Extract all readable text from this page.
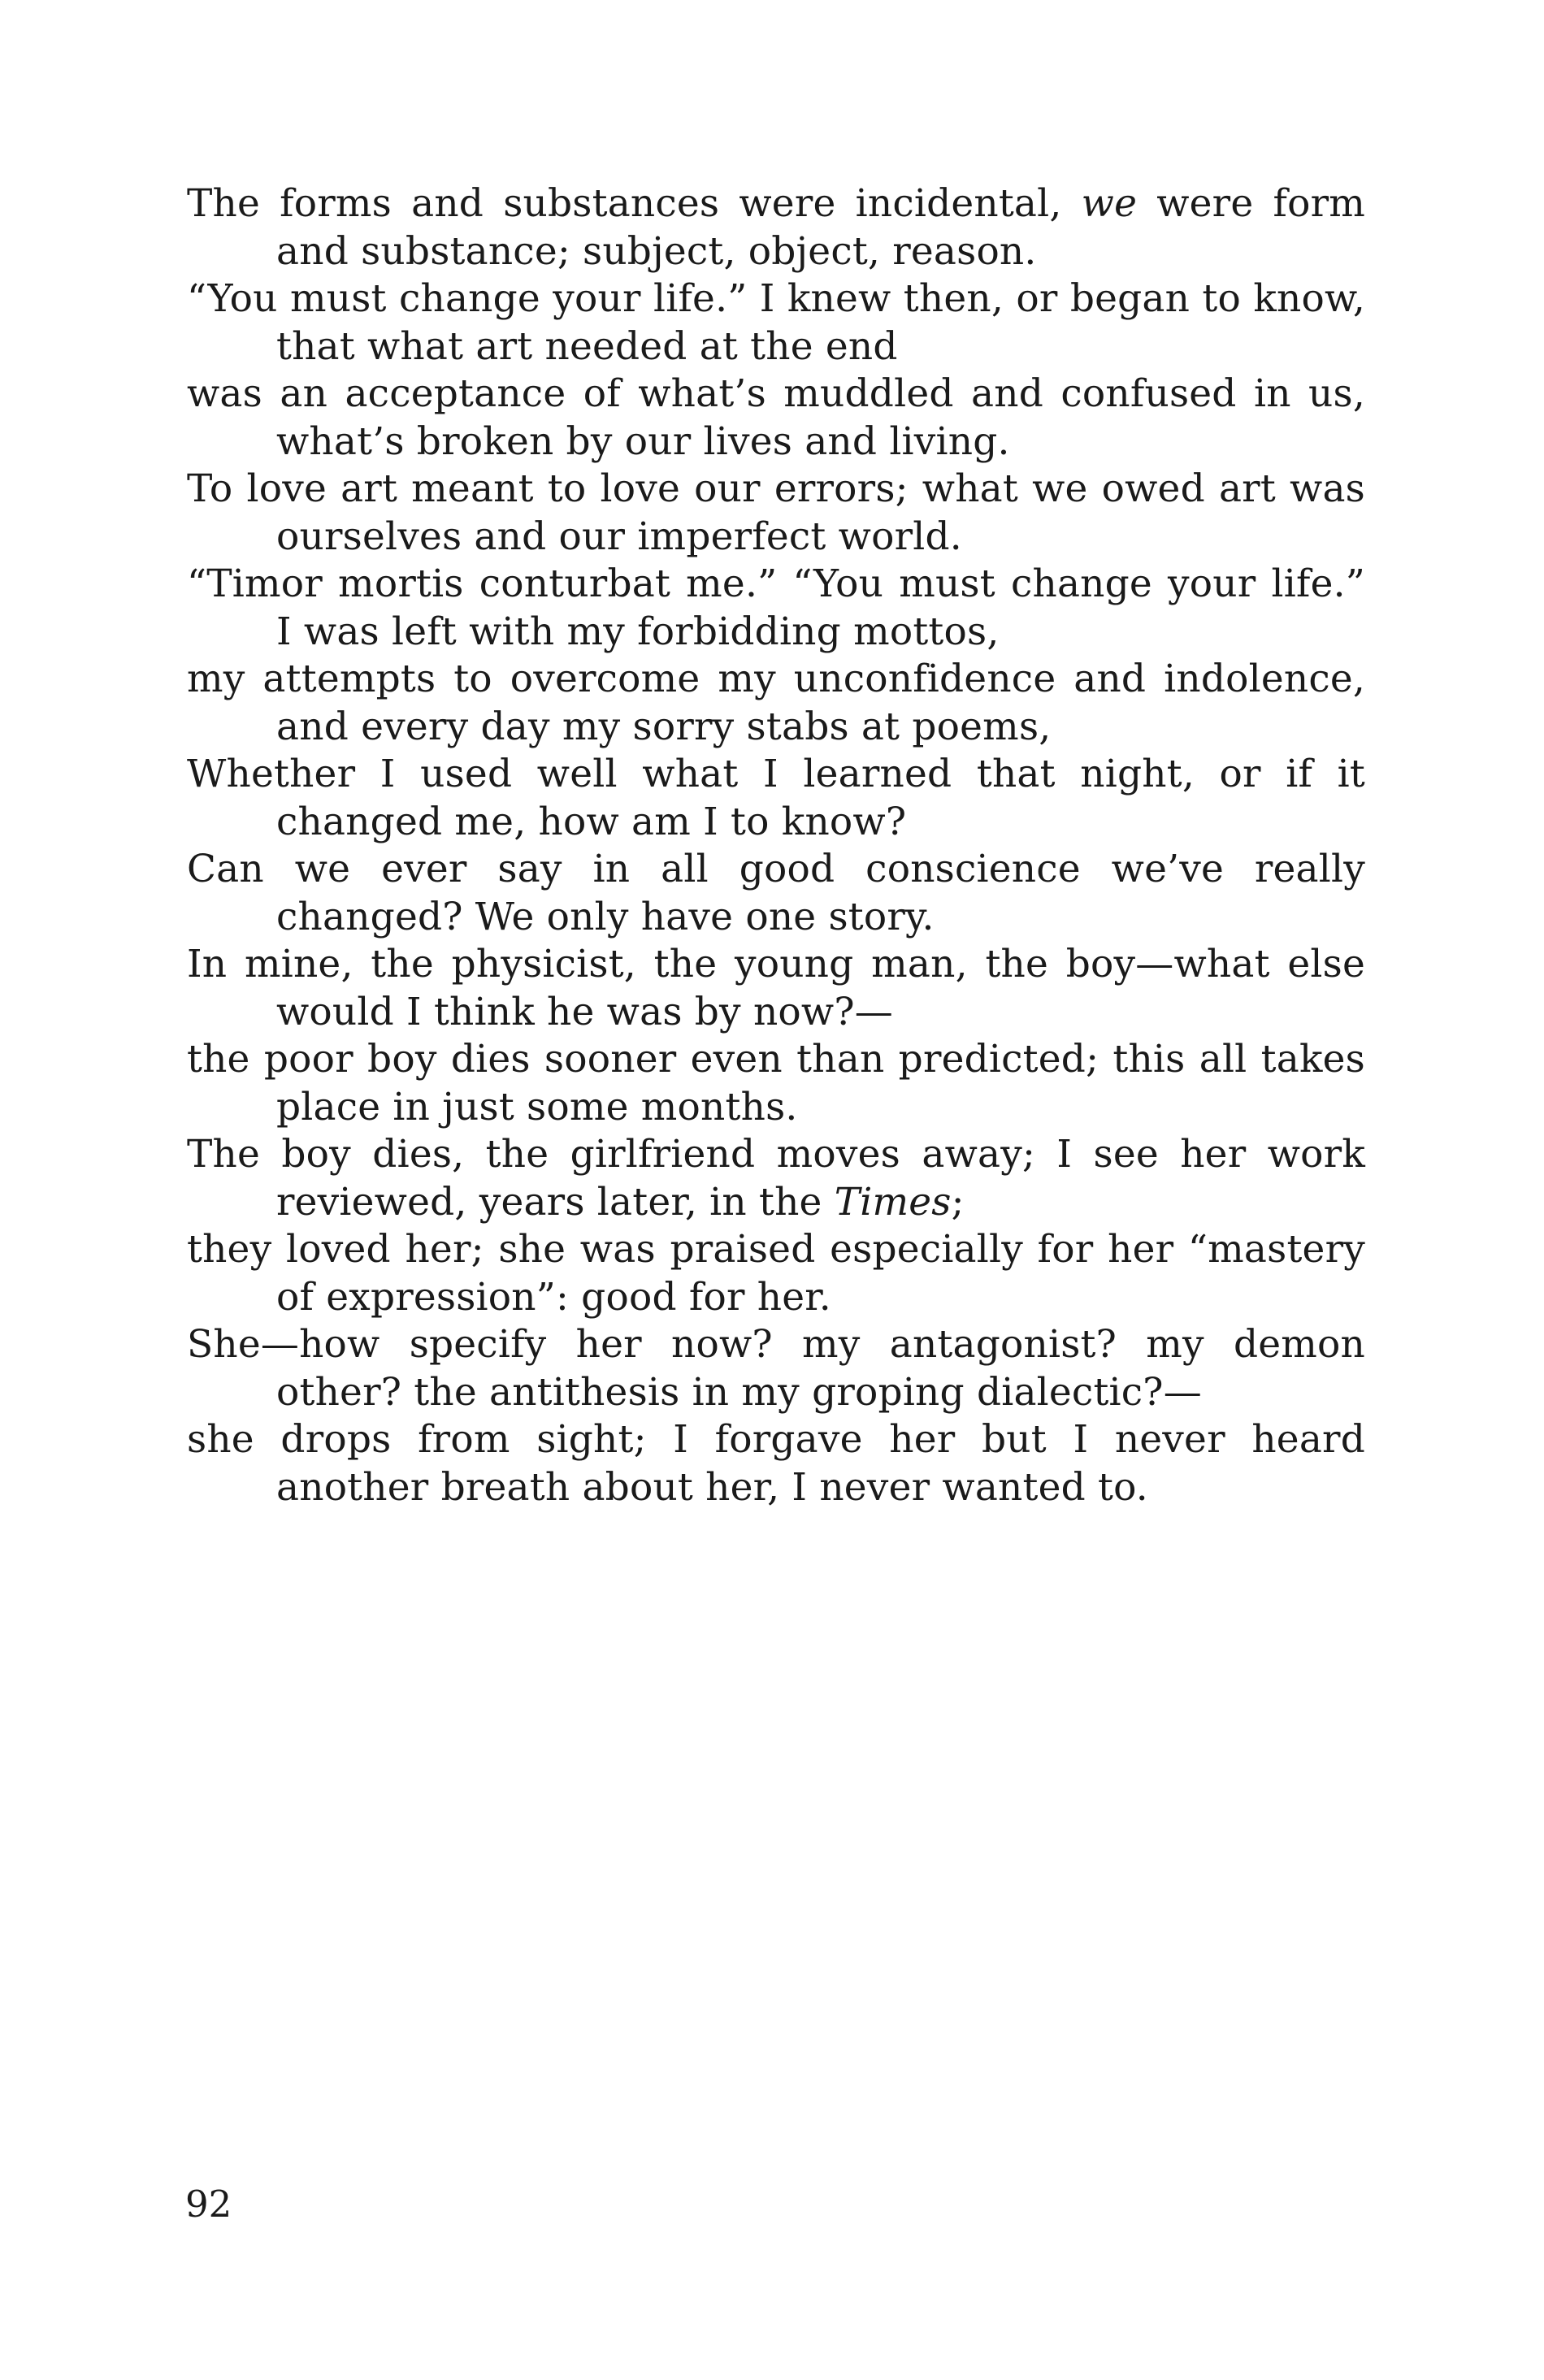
The forms and substances were incidental, we were form and substance; subject, object, reason.
“You must change your life.” I knew then, or began to know, that what art needed at the end
was an acceptance of what’s muddled and confused in us, what’s broken by our lives and living.
To love art meant to love our errors; what we owed art was ourselves and our imperfect world.
“Timor mortis conturbat me.” “You must change your life.” I was left with my forbidding mottos,
my attempts to overcome my unconfidence and indolence, and every day my sorry stabs at poems,
Whether I used well what I learned that night, or if it changed me, how am I to know?
Can we ever say in all good conscience we’ve really changed? We only have one story.
In mine, the physicist, the young man, the boy—what else would I think he was by now?—
the poor boy dies sooner even than predicted; this all takes place in just some months.
The boy dies, the girlfriend moves away; I see her work reviewed, years later, in the Times;
they loved her; she was praised especially for her “mastery of expression”: good for her.
She—how specify her now? my antagonist? my demon other? the antithesis in my groping dialectic?—
she drops from sight; I forgave her but I never heard another breath about her, I never wanted to.
92
